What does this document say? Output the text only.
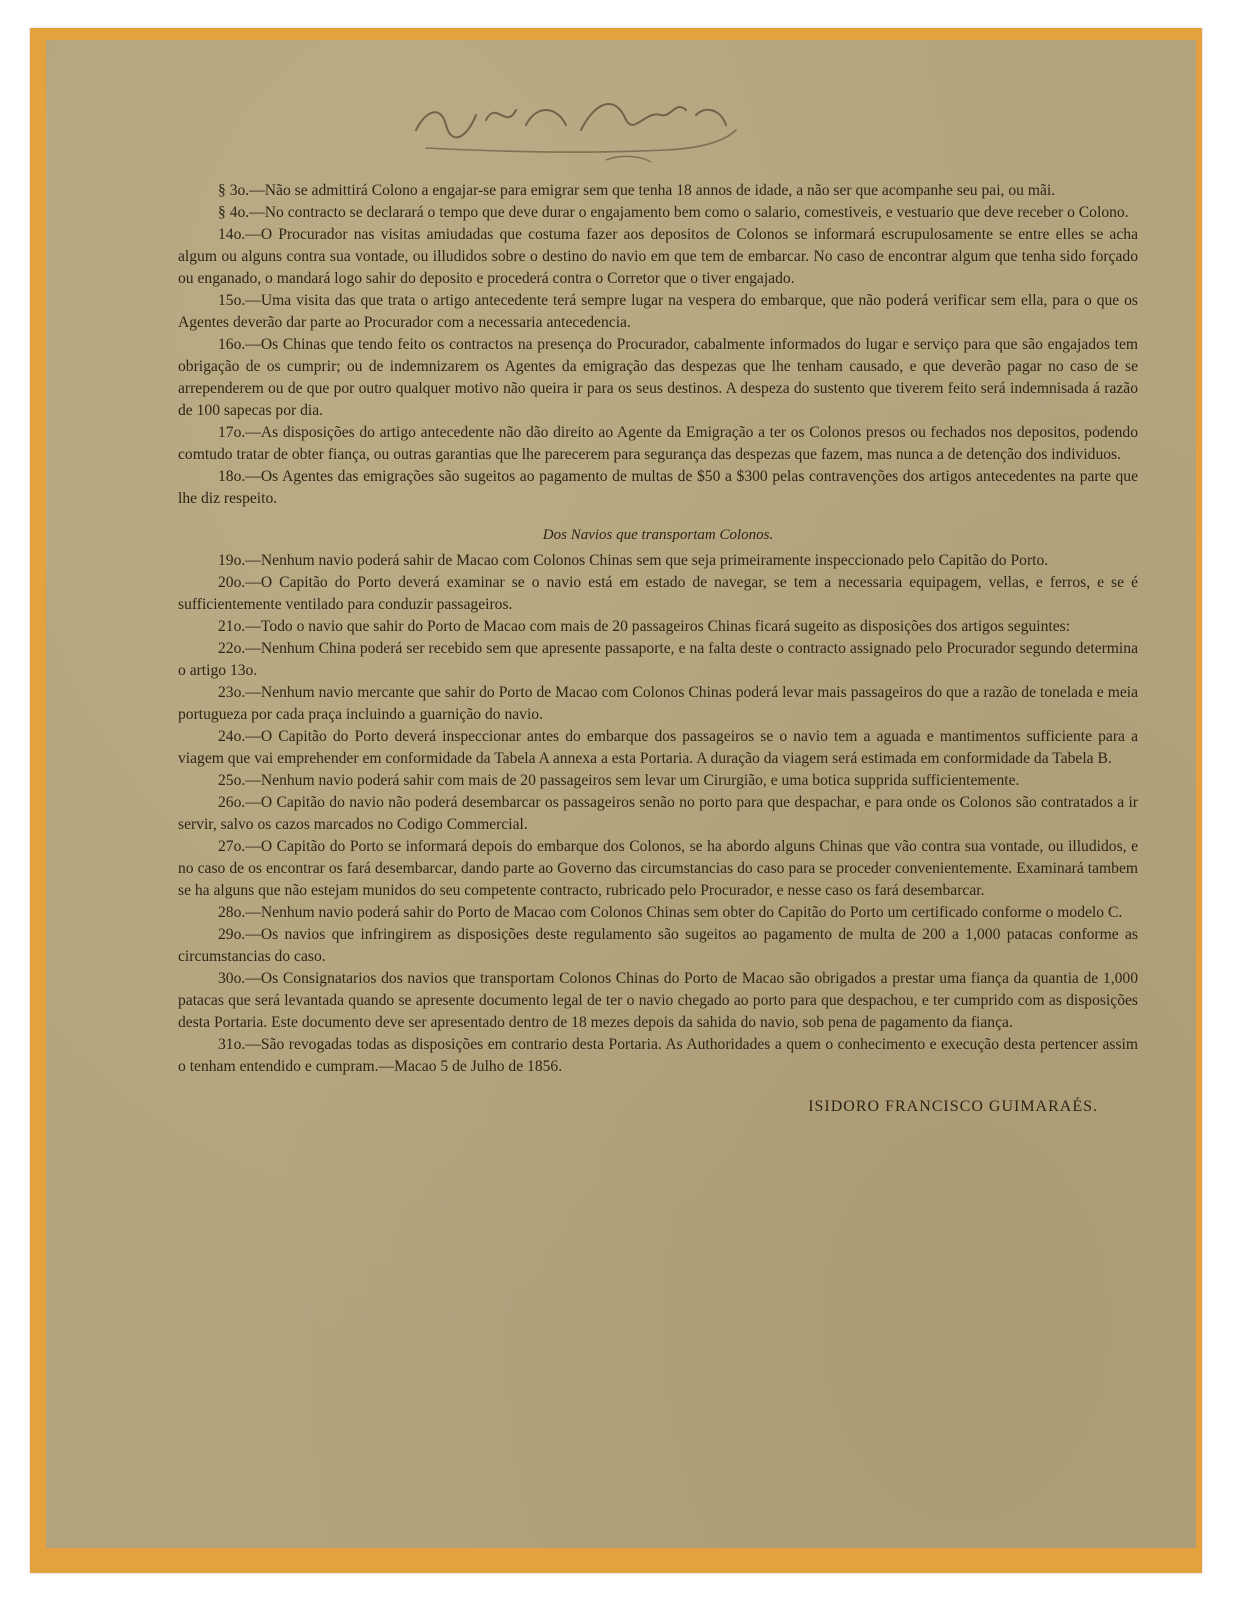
§ 3o.—Não se admittirá Colono a engajar-se para emigrar sem que tenha 18 annos de idade, a não ser que acompanhe seu pai, ou mãi.

§ 4o.—No contracto se declarará o tempo que deve durar o engajamento bem como o salario, comestiveis, e vestuario que deve receber o Colono.

14o.—O Procurador nas visitas amiudadas que costuma fazer aos depositos de Colonos se informará escrupulosamente se entre elles se acha algum ou alguns contra sua vontade, ou illudidos sobre o destino do navio em que tem de embarcar. No caso de encontrar algum que tenha sido forçado ou enganado, o mandará logo sahir do deposito e procederá contra o Corretor que o tiver engajado.

15o.—Uma visita das que trata o artigo antecedente terá sempre lugar na vespera do embarque, que não poderá verificar sem ella, para o que os Agentes deverão dar parte ao Procurador com a necessaria antecedencia.

16o.—Os Chinas que tendo feito os contractos na presença do Procurador, cabalmente informados do lugar e serviço para que são engajados tem obrigação de os cumprir; ou de indemnizarem os Agentes da emigração das despezas que lhe tenham causado, e que deverão pagar no caso de se arrependerem ou de que por outro qualquer motivo não queira ir para os seus destinos. A despeza do sustento que tiverem feito será indemnisada á razão de 100 sapecas por dia.

17o.—As disposições do artigo antecedente não dão direito ao Agente da Emigração a ter os Colonos presos ou fechados nos depositos, podendo comtudo tratar de obter fiança, ou outras garantias que lhe parecerem para segurança das despezas que fazem, mas nunca a de detenção dos individuos.

18o.—Os Agentes das emigrações são sugeitos ao pagamento de multas de $50 a $300 pelas contravenções dos artigos antecedentes na parte que lhe diz respeito.

Dos Navios que transportam Colonos.

19o.—Nenhum navio poderá sahir de Macao com Colonos Chinas sem que seja primeiramente inspeccionado pelo Capitão do Porto.

20o.—O Capitão do Porto deverá examinar se o navio está em estado de navegar, se tem a necessaria equipagem, vellas, e ferros, e se é sufficientemente ventilado para conduzir passageiros.

21o.—Todo o navio que sahir do Porto de Macao com mais de 20 passageiros Chinas ficará sugeito as disposições dos artigos seguintes:

22o.—Nenhum China poderá ser recebido sem que apresente passaporte, e na falta deste o contracto assignado pelo Procurador segundo determina o artigo 13o.

23o.—Nenhum navio mercante que sahir do Porto de Macao com Colonos Chinas poderá levar mais passageiros do que a razão de tonelada e meia portugueza por cada praça incluindo a guarnição do navio.

24o.—O Capitão do Porto deverá inspeccionar antes do embarque dos passageiros se o navio tem a aguada e mantimentos sufficiente para a viagem que vai emprehender em conformidade da Tabela A annexa a esta Portaria. A duração da viagem será estimada em conformidade da Tabela B.

25o.—Nenhum navio poderá sahir com mais de 20 passageiros sem levar um Cirurgião, e uma botica supprida sufficientemente.

26o.—O Capitão do navio não poderá desembarcar os passageiros senão no porto para que despachar, e para onde os Colonos são contratados a ir servir, salvo os cazos marcados no Codigo Commercial.

27o.—O Capitão do Porto se informará depois do embarque dos Colonos, se ha abordo alguns Chinas que vão contra sua vontade, ou illudidos, e no caso de os encontrar os fará desembarcar, dando parte ao Governo das circumstancias do caso para se proceder convenientemente. Examinará tambem se ha alguns que não estejam munidos do seu competente contracto, rubricado pelo Procurador, e nesse caso os fará desembarcar.

28o.—Nenhum navio poderá sahir do Porto de Macao com Colonos Chinas sem obter do Capitão do Porto um certificado conforme o modelo C.

29o.—Os navios que infringirem as disposições deste regulamento são sugeitos ao pagamento de multa de 200 a 1,000 patacas conforme as circumstancias do caso.

30o.—Os Consignatarios dos navios que transportam Colonos Chinas do Porto de Macao são obrigados a prestar uma fiança da quantia de 1,000 patacas que será levantada quando se apresente documento legal de ter o navio chegado ao porto para que despachou, e ter cumprido com as disposições desta Portaria. Este documento deve ser apresentado dentro de 18 mezes depois da sahida do navio, sob pena de pagamento da fiança.

31o.—São revogadas todas as disposições em contrario desta Portaria. As Authoridades a quem o conhecimento e execução desta pertencer assim o tenham entendido e cumpram.—Macao 5 de Julho de 1856.

ISIDORO FRANCISCO GUIMARAÉS.
